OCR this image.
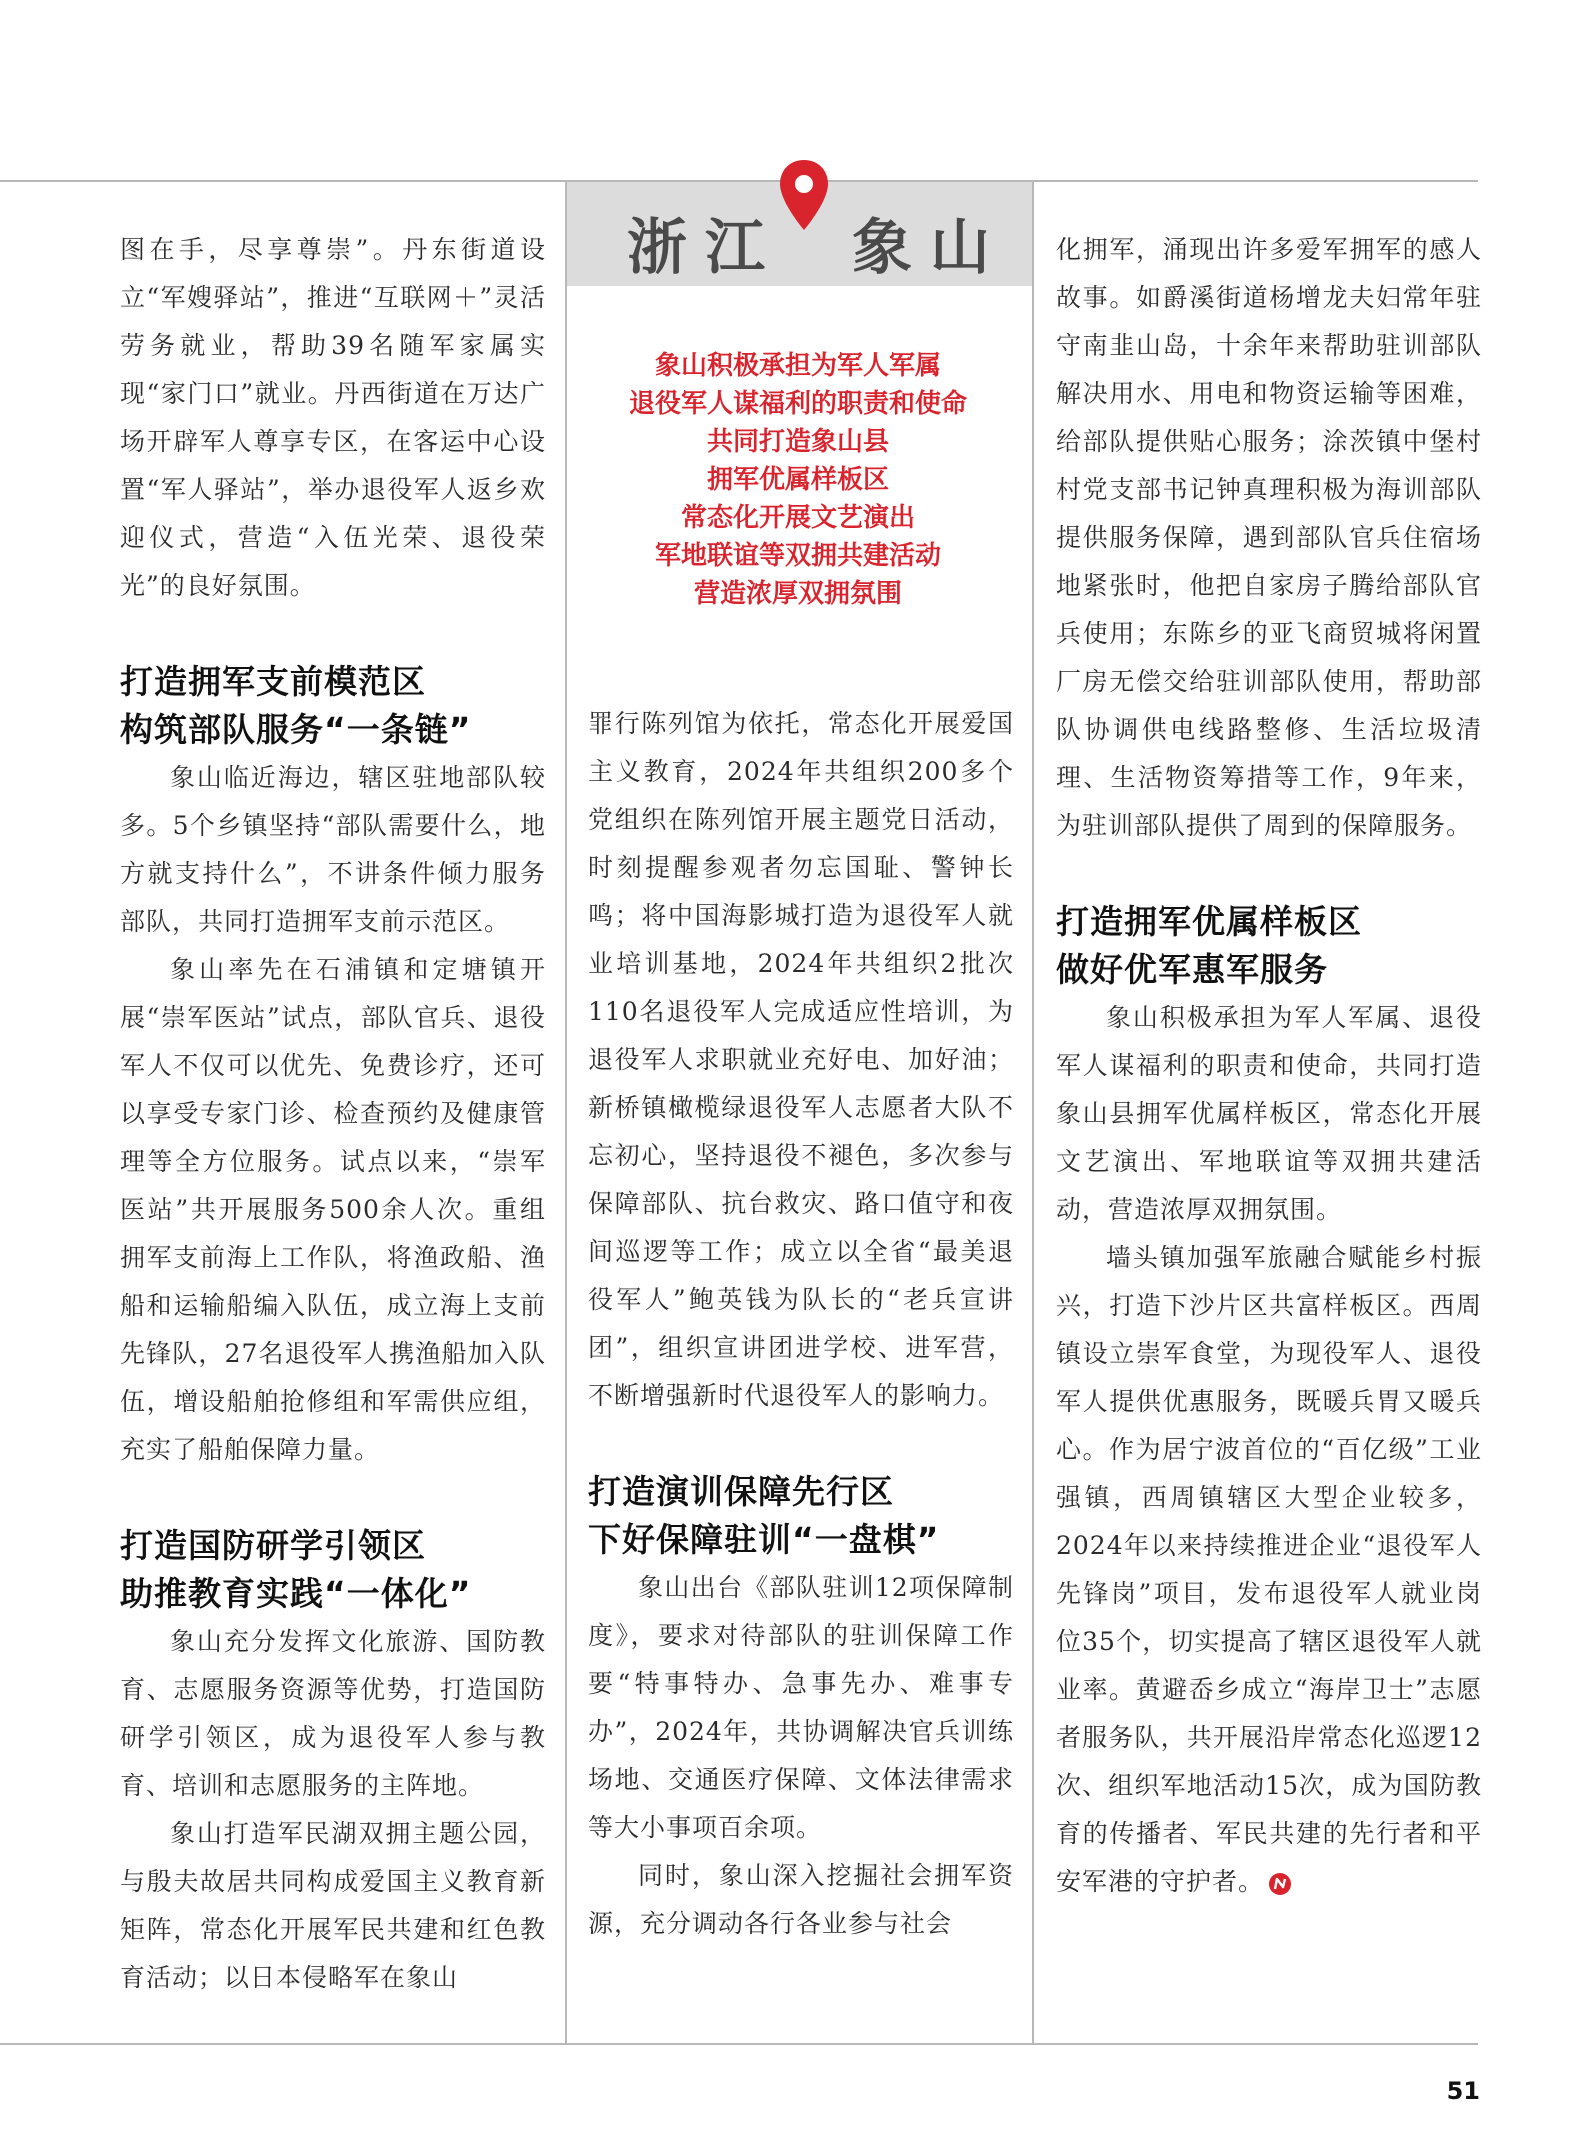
浙江 象山
象山积极承担为军人军属
退役军人谋福利的职责和使命
共同打造象山县
拥军优属样板区
常态化开展文艺演出
军地联谊等双拥共建活动
营造浓厚双拥氛围

图在手，尽享尊崇”。丹东街道设立“军嫂驿站”，推进“互联网＋”灵活劳务就业，帮助39名随军家属实现“家门口”就业。丹西街道在万达广场开辟军人尊享专区，在客运中心设置“军人驿站”，举办退役军人返乡欢迎仪式，营造“入伍光荣、退役荣光”的良好氛围。

打造拥军支前模范区
构筑部队服务“一条链”

象山临近海边，辖区驻地部队较多。5个乡镇坚持“部队需要什么，地方就支持什么”，不讲条件倾力服务部队，共同打造拥军支前示范区。

象山率先在石浦镇和定塘镇开展“崇军医站”试点，部队官兵、退役军人不仅可以优先、免费诊疗，还可以享受专家门诊、检查预约及健康管理等全方位服务。试点以来，“崇军医站”共开展服务500余人次。重组拥军支前海上工作队，将渔政船、渔船和运输船编入队伍，成立海上支前先锋队，27名退役军人携渔船加入队伍，增设船舶抢修组和军需供应组，充实了船舶保障力量。

打造国防研学引领区
助推教育实践“一体化”

象山充分发挥文化旅游、国防教育、志愿服务资源等优势，打造国防研学引领区，成为退役军人参与教育、培训和志愿服务的主阵地。

象山打造军民湖双拥主题公园，与殷夫故居共同构成爱国主义教育新矩阵，常态化开展军民共建和红色教育活动；以日本侵略军在象山

罪行陈列馆为依托，常态化开展爱国主义教育，2024年共组织200多个党组织在陈列馆开展主题党日活动，时刻提醒参观者勿忘国耻、警钟长鸣；将中国海影城打造为退役军人就业培训基地，2024年共组织2批次110名退役军人完成适应性培训，为退役军人求职就业充好电、加好油；新桥镇橄榄绿退役军人志愿者大队不忘初心，坚持退役不褪色，多次参与保障部队、抗台救灾、路口值守和夜间巡逻等工作；成立以全省“最美退役军人”鲍英钱为队长的“老兵宣讲团”，组织宣讲团进学校、进军营，不断增强新时代退役军人的影响力。

打造演训保障先行区
下好保障驻训“一盘棋”

象山出台《部队驻训12项保障制度》，要求对待部队的驻训保障工作要“特事特办、急事先办、难事专办”，2024年，共协调解决官兵训练场地、交通医疗保障、文体法律需求等大小事项百余项。

同时，象山深入挖掘社会拥军资源，充分调动各行各业参与社会

化拥军，涌现出许多爱军拥军的感人故事。如爵溪街道杨增龙夫妇常年驻守南韭山岛，十余年来帮助驻训部队解决用水、用电和物资运输等困难，给部队提供贴心服务；涂茨镇中堡村村党支部书记钟真理积极为海训部队提供服务保障，遇到部队官兵住宿场地紧张时，他把自家房子腾给部队官兵使用；东陈乡的亚飞商贸城将闲置厂房无偿交给驻训部队使用，帮助部队协调供电线路整修、生活垃圾清理、生活物资筹措等工作，9年来，为驻训部队提供了周到的保障服务。

打造拥军优属样板区
做好优军惠军服务

象山积极承担为军人军属、退役军人谋福利的职责和使命，共同打造象山县拥军优属样板区，常态化开展文艺演出、军地联谊等双拥共建活动，营造浓厚双拥氛围。

墙头镇加强军旅融合赋能乡村振兴，打造下沙片区共富样板区。西周镇设立崇军食堂，为现役军人、退役军人提供优惠服务，既暖兵胃又暖兵心。作为居宁波首位的“百亿级”工业强镇，西周镇辖区大型企业较多，2024年以来持续推进企业“退役军人先锋岗”项目，发布退役军人就业岗位35个，切实提高了辖区退役军人就业率。黄避岙乡成立“海岸卫士”志愿者服务队，共开展沿岸常态化巡逻12次、组织军地活动15次，成为国防教育的传播者、军民共建的先行者和平安军港的守护者。

51
